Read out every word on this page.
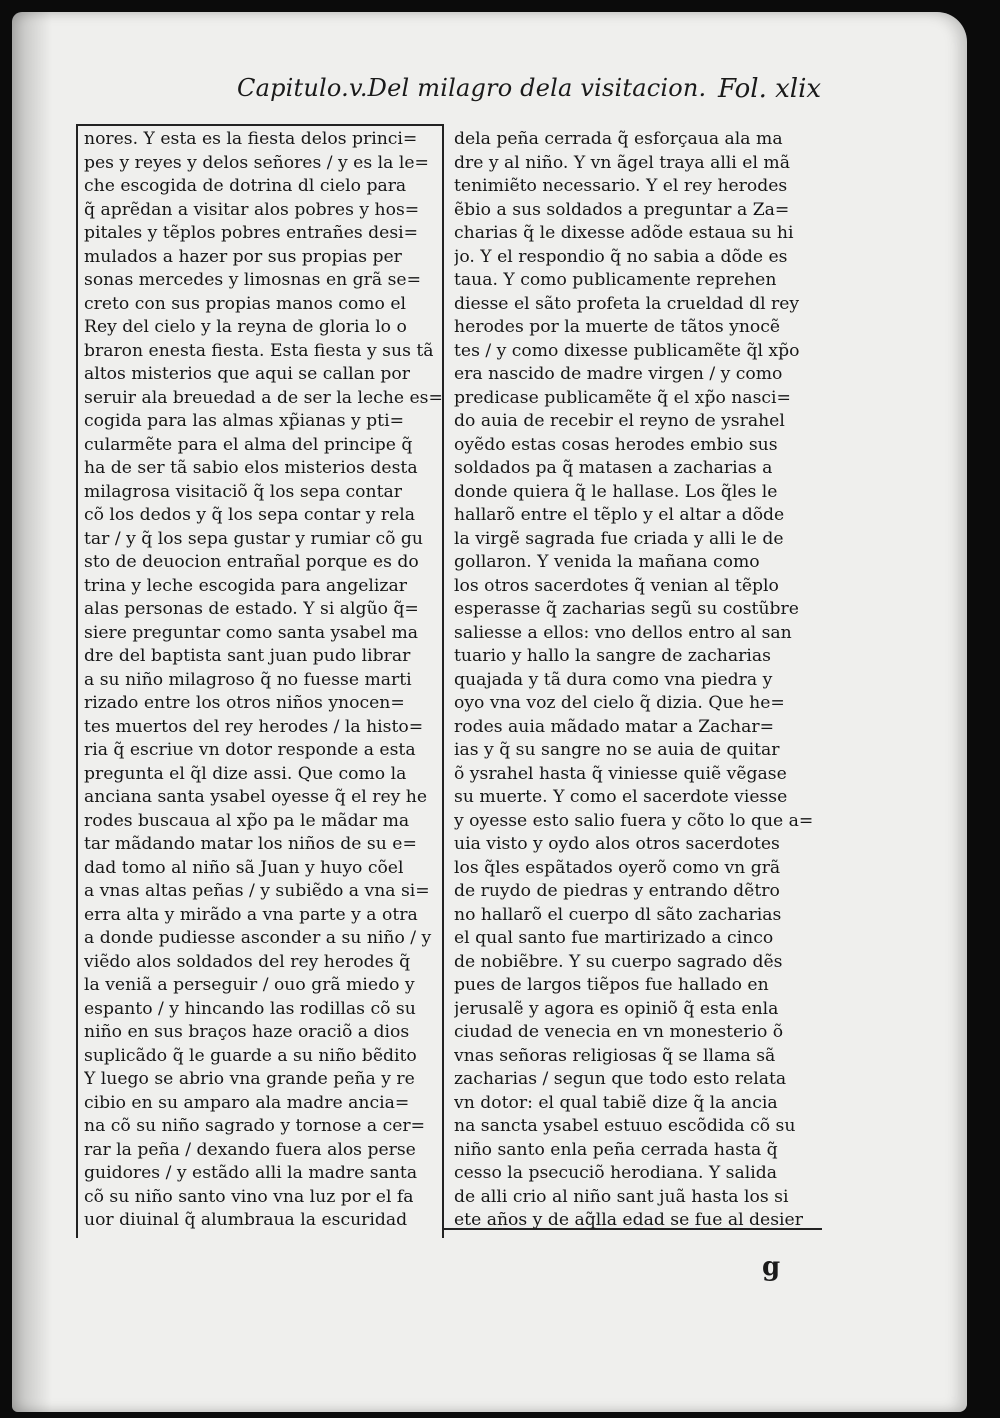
Capitulo.v.Del milagro dela visitacion. Fol. xlix
nores. Y esta es la fiesta delos princi=
pes y reyes y delos señores / y es la le=
che escogida de dotrina dl cielo para
q̃ aprẽdan a visitar alos pobres y hos=
pitales y tẽplos pobres entrañes desi=
mulados a hazer por sus propias per
sonas mercedes y limosnas en grã se=
creto con sus propias manos como el
Rey del cielo y la reyna de gloria lo o
braron enesta fiesta. Esta fiesta y sus tã
altos misterios que aqui se callan por
seruir ala breuedad a de ser la leche es=
cogida para las almas xp̃ianas y pti=
cularmẽte para el alma del principe q̃
ha de ser tã sabio elos misterios desta
milagrosa visitaciõ q̃ los sepa contar
cõ los dedos y q̃ los sepa contar y rela
tar / y q̃ los sepa gustar y rumiar cõ gu
sto de deuocion entrañal porque es do
trina y leche escogida para angelizar
alas personas de estado. Y si algũo q̃=
siere preguntar como santa ysabel ma
dre del baptista sant juan pudo librar
a su niño milagroso q̃ no fuesse marti
rizado entre los otros niños ynocen=
tes muertos del rey herodes / la histo=
ria q̃ escriue vn dotor responde a esta
pregunta el q̃l dize assi. Que como la
anciana santa ysabel oyesse q̃ el rey he
rodes buscaua al xp̃o pa le mãdar ma
tar mãdando matar los niños de su e=
dad tomo al niño sã Juan y huyo cõel
a vnas altas peñas / y subiẽdo a vna si=
erra alta y mirãdo a vna parte y a otra
a donde pudiesse asconder a su niño / y
viẽdo alos soldados del rey herodes q̃
la veniã a perseguir / ouo grã miedo y
espanto / y hincando las rodillas cõ su
niño en sus braços haze oraciõ a dios
suplicãdo q̃ le guarde a su niño bẽdito
Y luego se abrio vna grande peña y re
cibio en su amparo ala madre ancia=
na cõ su niño sagrado y tornose a cer=
rar la peña / dexando fuera alos perse
guidores / y estãdo alli la madre santa
cõ su niño santo vino vna luz por el fa
uor diuinal q̃ alumbraua la escuridad
dela peña cerrada q̃ esforçaua ala ma
dre y al niño. Y vn ãgel traya alli el mã
tenimiẽto necessario. Y el rey herodes
ẽbio a sus soldados a preguntar a Za=
charias q̃ le dixesse adõde estaua su hi
jo. Y el respondio q̃ no sabia a dõde es
taua. Y como publicamente reprehen
diesse el sãto profeta la crueldad dl rey
herodes por la muerte de tãtos ynocẽ
tes / y como dixesse publicamẽte q̃l xp̃o
era nascido de madre virgen / y como
predicase publicamẽte q̃ el xp̃o nasci=
do auia de recebir el reyno de ysrahel
oyẽdo estas cosas herodes embio sus
soldados pa q̃ matasen a zacharias a
donde quiera q̃ le hallase. Los q̃les le
hallarõ entre el tẽplo y el altar a dõde
la virgẽ sagrada fue criada y alli le de
gollaron. Y venida la mañana como
los otros sacerdotes q̃ venian al tẽplo
esperasse q̃ zacharias segũ su costũbre
saliesse a ellos: vno dellos entro al san
tuario y hallo la sangre de zacharias
quajada y tã dura como vna piedra y
oyo vna voz del cielo q̃ dizia. Que he=
rodes auia mãdado matar a Zachar=
ias y q̃ su sangre no se auia de quitar
õ ysrahel hasta q̃ viniesse quiẽ vẽgase
su muerte. Y como el sacerdote viesse
y oyesse esto salio fuera y cõto lo que a=
uia visto y oydo alos otros sacerdotes
los q̃les espãtados oyerõ como vn grã
de ruydo de piedras y entrando dẽtro
no hallarõ el cuerpo dl sãto zacharias
el qual santo fue martirizado a cinco
de nobiẽbre. Y su cuerpo sagrado dẽs
pues de largos tiẽpos fue hallado en
jerusalẽ y agora es opiniõ q̃ esta enla
ciudad de venecia en vn monesterio õ
vnas señoras religiosas q̃ se llama sã
zacharias / segun que todo esto relata
vn dotor: el qual tabiẽ dize q̃ la ancia
na sancta ysabel estuuo escõdida cõ su
niño santo enla peña cerrada hasta q̃
cesso la psecuciõ herodiana. Y salida
de alli crio al niño sant juã hasta los si
ete años y de aq̃lla edad se fue al desier
g
